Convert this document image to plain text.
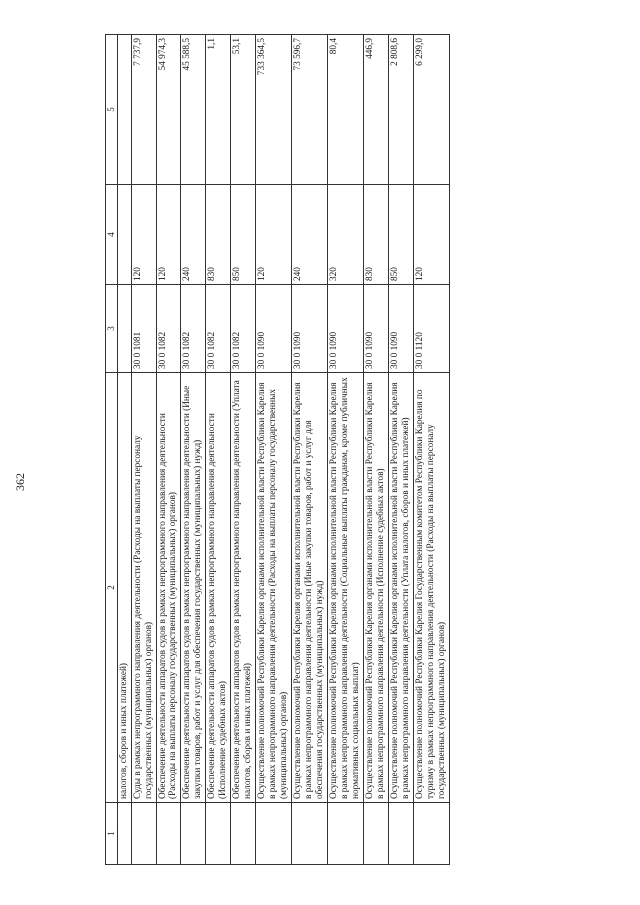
362
1	2	3	4	5
	налогов, сборов и иных платежей)			
	Суды в рамках непрограммного направления деятельности (Расходы на выплаты персоналу государственных (муниципальных) органов)	30 0 1081	120	7 737,9
	Обеспечение деятельности аппаратов судов в рамках непрограммного направления деятельности (Расходы на выплаты персоналу государственных (муниципальных) органов)	30 0 1082	120	54 974,3
	Обеспечение деятельности аппаратов судов в рамках непрограммного направления деятельности (Иные закупки товаров, работ и услуг для обеспечения государственных (муниципальных) нужд)	30 0 1082	240	45 588,5
	Обеспечение деятельности аппаратов судов в рамках непрограммного направления деятельности (Исполнение судебных актов)	30 0 1082	830	1,1
	Обеспечение деятельности аппаратов судов в рамках непрограммного направления деятельности (Уплата налогов, сборов и иных платежей)	30 0 1082	850	53,1
	Осуществление полномочий Республики Карелия органами исполнительной власти Республики Карелия в рамках непрограммного направления деятельности (Расходы на выплаты персоналу государственных (муниципальных) органов)	30 0 1090	120	733 364,5
	Осуществление полномочий Республики Карелия органами исполнительной власти Республики Карелия в рамках непрограммного направления деятельности (Иные закупки товаров, работ и услуг для обеспечения государственных (муниципальных) нужд)	30 0 1090	240	73 596,7
	Осуществление полномочий Республики Карелия органами исполнительной власти Республики Карелия в рамках непрограммного направления деятельности (Социальные выплаты гражданам, кроме публичных нормативных социальных выплат)	30 0 1090	320	80,4
	Осуществление полномочий Республики Карелия органами исполнительной власти Республики Карелия в рамках непрограммного направления деятельности (Исполнение судебных актов)	30 0 1090	830	446,9
	Осуществление полномочий Республики Карелия органами исполнительной власти Республики Карелия в рамках непрограммного направления деятельности (Уплата налогов, сборов и иных платежей)	30 0 1090	850	2 808,6
	Осуществление полномочий Республики Карелия Государственным комитетом Республики Карелия по туризму в рамках непрограммного направления деятельности (Расходы на выплаты персоналу государственных (муниципальных) органов)	30 0 1120	120	6 299,0
